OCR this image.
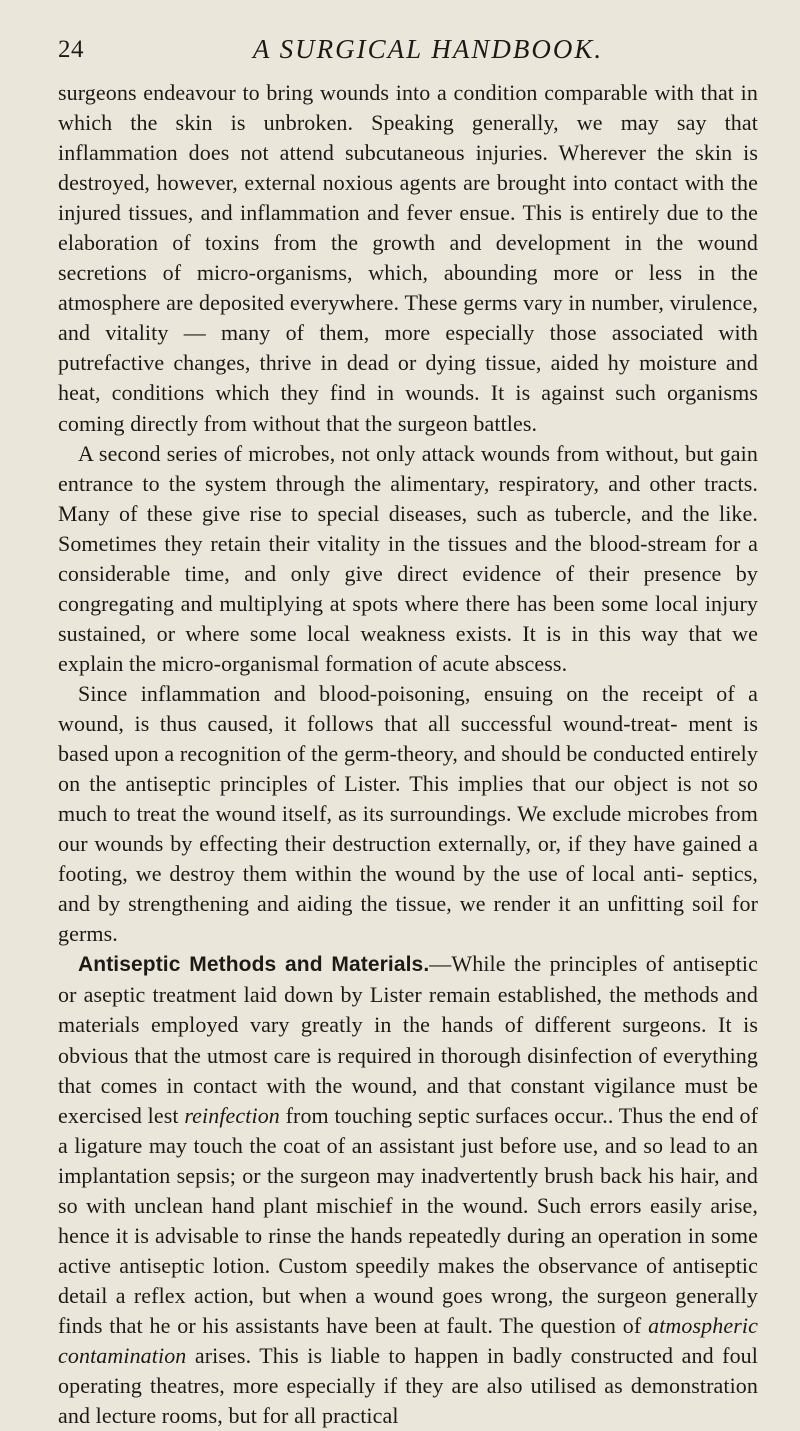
24	A SURGICAL HANDBOOK.

surgeons endeavour to bring wounds into a condition comparable with that in which the skin is unbroken. Speaking generally, we may say that inflammation does not attend subcutaneous injuries. Wherever the skin is destroyed, however, external noxious agents are brought into contact with the injured tissues, and inflammation and fever ensue. This is entirely due to the elaboration of toxins from the growth and development in the wound secretions of micro-organisms, which, abounding more or less in the atmosphere are deposited everywhere. These germs vary in number, virulence, and vitality — many of them, more especially those associated with putrefactive changes, thrive in dead or dying tissue, aided hy moisture and heat, conditions which they find in wounds. It is against such organisms coming directly from without that the surgeon battles.

A second series of microbes, not only attack wounds from without, but gain entrance to the system through the alimentary, respiratory, and other tracts. Many of these give rise to special diseases, such as tubercle, and the like. Sometimes they retain their vitality in the tissues and the blood-stream for a considerable time, and only give direct evidence of their presence by congregating and multiplying at spots where there has been some local injury sustained, or where some local weakness exists. It is in this way that we explain the micro-organismal formation of acute abscess.

Since inflammation and blood-poisoning, ensuing on the receipt of a wound, is thus caused, it follows that all successful wound-treat- ment is based upon a recognition of the germ-theory, and should be conducted entirely on the antiseptic principles of Lister. This implies that our object is not so much to treat the wound itself, as its surroundings. We exclude microbes from our wounds by effecting their destruction externally, or, if they have gained a footing, we destroy them within the wound by the use of local anti- septics, and by strengthening and aiding the tissue, we render it an unfitting soil for germs.

Antiseptic Methods and Materials.—While the principles of antiseptic or aseptic treatment laid down by Lister remain established, the methods and materials employed vary greatly in the hands of different surgeons. It is obvious that the utmost care is required in thorough disinfection of everything that comes in contact with the wound, and that constant vigilance must be exercised lest reinfection from touching septic surfaces occur.. Thus the end of a ligature may touch the coat of an assistant just before use, and so lead to an implantation sepsis; or the surgeon may inadvertently brush back his hair, and so with unclean hand plant mischief in the wound. Such errors easily arise, hence it is advisable to rinse the hands repeatedly during an operation in some active antiseptic lotion. Custom speedily makes the observance of antiseptic detail a reflex action, but when a wound goes wrong, the surgeon generally finds that he or his assistants have been at fault. The question of atmospheric contamination arises. This is liable to happen in badly constructed and foul operating theatres, more especially if they are also utilised as demonstration and lecture rooms, but for all practical
